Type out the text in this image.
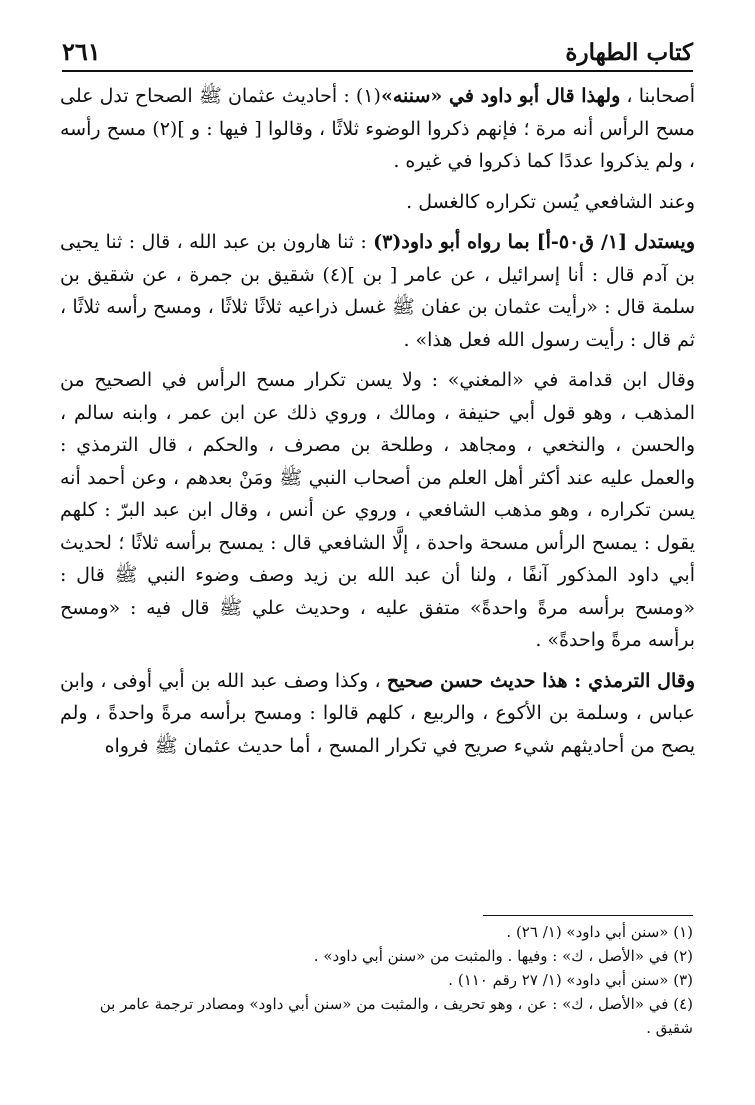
كتاب الطهارة
٢٦١

أصحابنا ، ولهذا قال أبو داود في «سننه»(١) : أحاديث عثمان ﷺ الصحاح تدل على مسح الرأس أنه مرة ؛ فإنهم ذكروا الوضوء ثلاثًا ، وقالوا [ فيها : و ](٢) مسح رأسه ، ولم يذكروا عددًا كما ذكروا في غيره .

وعند الشافعي يُسن تكراره كالغسل .

ويستدل [١/ ق٥٠-أ] بما رواه أبو داود(٣) : ثنا هارون بن عبد الله ، قال : ثنا يحيى بن آدم قال : أنا إسرائيل ، عن عامر [ بن ](٤) شقيق بن جمرة ، عن شقيق بن سلمة قال : «رأيت عثمان بن عفان ﷺ غسل ذراعيه ثلاثًا ثلاثًا ، ومسح رأسه ثلاثًا ، ثم قال : رأيت رسول الله فعل هذا» .

وقال ابن قدامة في «المغني» : ولا يسن تكرار مسح الرأس في الصحيح من المذهب ، وهو قول أبي حنيفة ، ومالك ، وروي ذلك عن ابن عمر ، وابنه سالم ، والحسن ، والنخعي ، ومجاهد ، وطلحة بن مصرف ، والحكم ، قال الترمذي : والعمل عليه عند أكثر أهل العلم من أصحاب النبي ﷺ ومَنْ بعدهم ، وعن أحمد أنه يسن تكراره ، وهو مذهب الشافعي ، وروي عن أنس ، وقال ابن عبد البرّ : كلهم يقول : يمسح الرأس مسحة واحدة ، إلَّا الشافعي قال : يمسح برأسه ثلاثًا ؛ لحديث أبي داود المذكور آنفًا ، ولنا أن عبد الله بن زيد وصف وضوء النبي ﷺ قال : «ومسح برأسه مرةً واحدةً» متفق عليه ، وحديث علي ﷺ قال فيه : «ومسح برأسه مرةً واحدةً» .

وقال الترمذي : هذا حديث حسن صحيح ، وكذا وصف عبد الله بن أبي أوفى ، وابن عباس ، وسلمة بن الأكوع ، والربيع ، كلهم قالوا : ومسح برأسه مرةً واحدةً ، ولم يصح من أحاديثهم شيء صريح في تكرار المسح ، أما حديث عثمان ﷺ فرواه

(١) «سنن أبي داود» (١/ ٢٦) .

(٢) في «الأصل ، ك» : وفيها . والمثبت من «سنن أبي داود» .

(٣) «سنن أبي داود» (١/ ٢٧ رقم ١١٠) .

(٤) في «الأصل ، ك» : عن ، وهو تحريف ، والمثبت من «سنن أبي داود» ومصادر ترجمة عامر بن شقيق .
